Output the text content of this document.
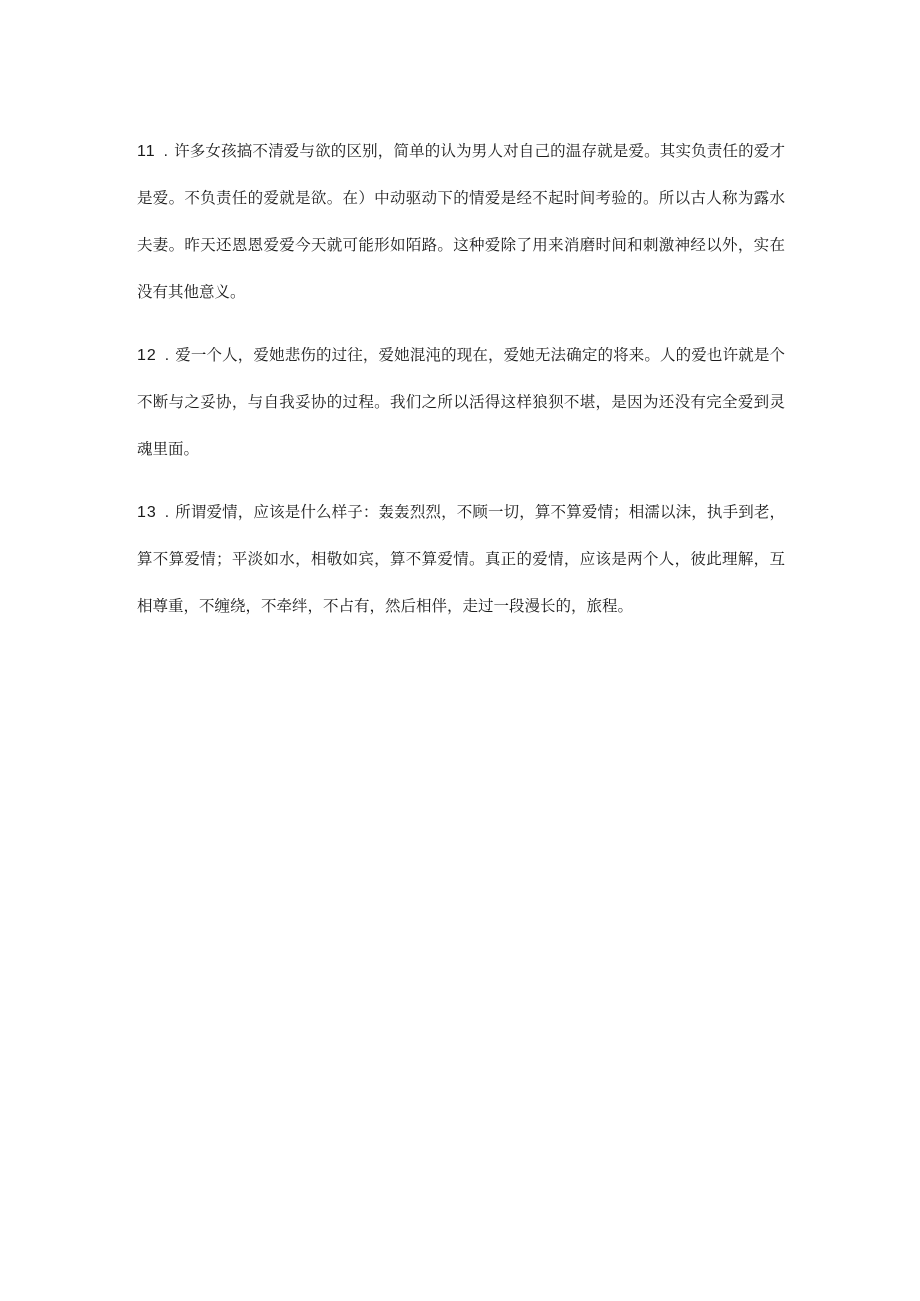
11 . 许多女孩搞不清爱与欲的区别，简单的认为男人对自己的温存就是爱。其实负责任的爱才是爱。不负责任的爱就是欲。在）中动驱动下的情爱是经不起时间考验的。所以古人称为露水夫妻。昨天还恩恩爱爱今天就可能形如陌路。这种爱除了用来消磨时间和刺激神经以外，实在没有其他意义。

12 . 爱一个人，爱她悲伤的过往，爱她混沌的现在，爱她无法确定的将来。人的爱也许就是个不断与之妥协，与自我妥协的过程。我们之所以活得这样狼狈不堪，是因为还没有完全爱到灵魂里面。

13 . 所谓爱情，应该是什么样子：轰轰烈烈，不顾一切，算不算爱情；相濡以沫，执手到老，算不算爱情；平淡如水，相敬如宾，算不算爱情。真正的爱情，应该是两个人，彼此理解，互相尊重，不缠绕，不牵绊，不占有，然后相伴，走过一段漫长的，旅程。
